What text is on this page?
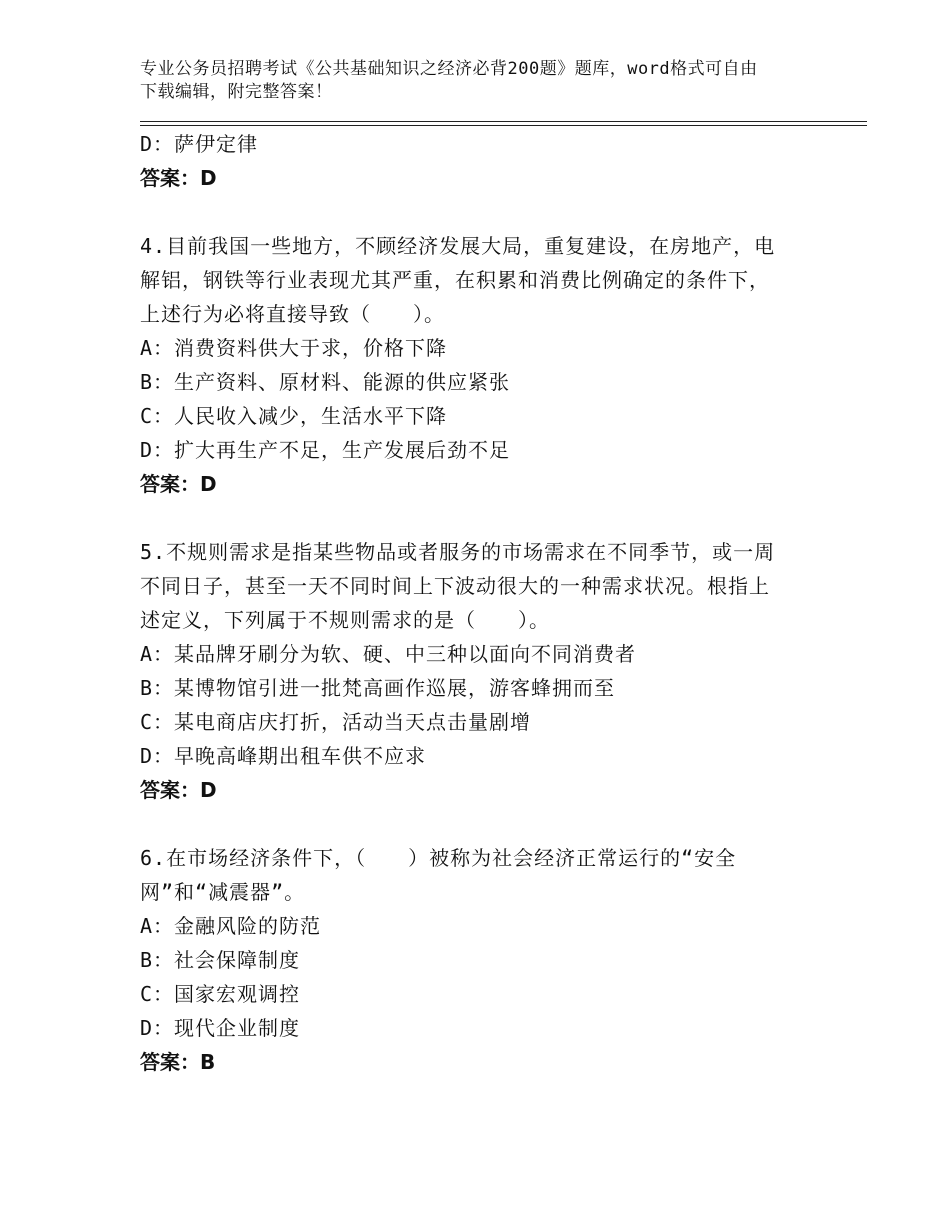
专业公务员招聘考试《公共基础知识之经济必背200题》题库，word格式可自由
下载编辑，附完整答案！
D：萨伊定律
答案：D
4.目前我国一些地方，不顾经济发展大局，重复建设，在房地产，电
解铝，钢铁等行业表现尤其严重，在积累和消费比例确定的条件下，
上述行为必将直接导致（　　）。
A：消费资料供大于求，价格下降
B：生产资料、原材料、能源的供应紧张
C：人民收入减少，生活水平下降
D：扩大再生产不足，生产发展后劲不足
答案：D
5.不规则需求是指某些物品或者服务的市场需求在不同季节，或一周
不同日子，甚至一天不同时间上下波动很大的一种需求状况。根指上
述定义，下列属于不规则需求的是（　　）。
A：某品牌牙刷分为软、硬、中三种以面向不同消费者
B：某博物馆引进一批梵高画作巡展，游客蜂拥而至
C：某电商店庆打折，活动当天点击量剧增
D：早晚高峰期出租车供不应求
答案：D
6.在市场经济条件下，（　　）被称为社会经济正常运行的“安全
网”和“减震器”。
A：金融风险的防范
B：社会保障制度
C：国家宏观调控
D：现代企业制度
答案：B
